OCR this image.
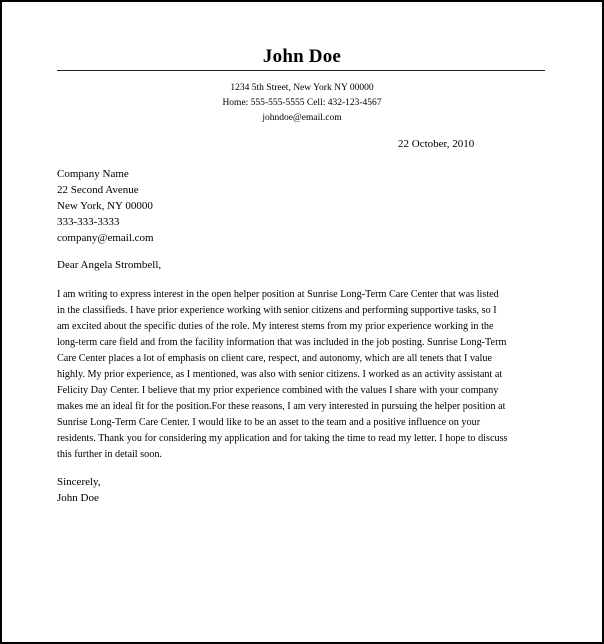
John Doe
1234 5th Street, New York NY 00000
Home: 555-555-5555 Cell: 432-123-4567
johndoe@email.com
22 October, 2010
Company Name
22 Second Avenue
New York, NY 00000
333-333-3333
company@email.com
Dear Angela Strombell,
I am writing to express interest in the open helper position at Sunrise Long-Term Care Center that was listed
in the classifieds. I have prior experience working with senior citizens and performing supportive tasks, so I
am excited about the specific duties of the role. My interest stems from my prior experience working in the
long-term care field and from the facility information that was included in the job posting. Sunrise Long-Term
Care Center places a lot of emphasis on client care, respect, and autonomy, which are all tenets that I value
highly. My prior experience, as I mentioned, was also with senior citizens. I worked as an activity assistant at
Felicity Day Center. I believe that my prior experience combined with the values I share with your company
makes me an ideal fit for the position.For these reasons, I am very interested in pursuing the helper position at
Sunrise Long-Term Care Center. I would like to be an asset to the team and a positive influence on your
residents. Thank you for considering my application and for taking the time to read my letter. I hope to discuss
this further in detail soon.
Sincerely,
John Doe
